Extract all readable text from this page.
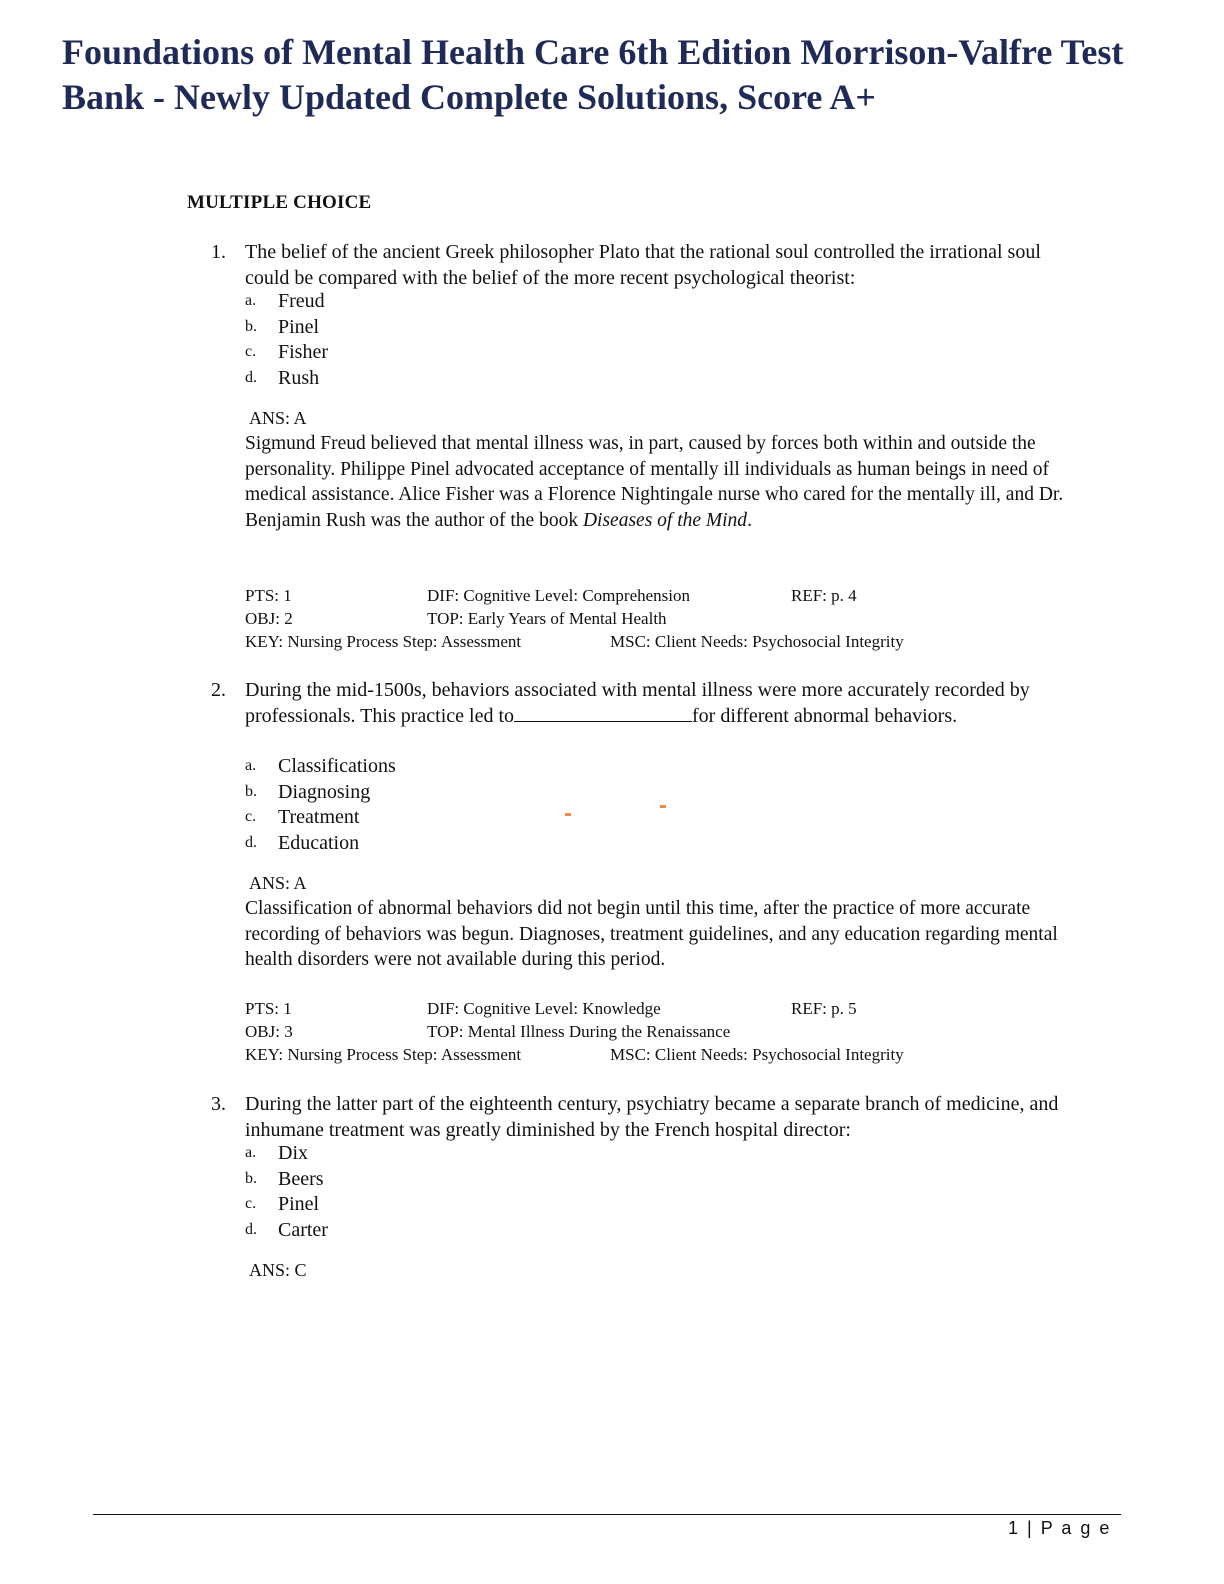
Foundations of Mental Health Care 6th Edition Morrison-Valfre Test Bank - Newly Updated Complete Solutions, Score A+
MULTIPLE CHOICE
1. The belief of the ancient Greek philosopher Plato that the rational soul controlled the irrational soul could be compared with the belief of the more recent psychological theorist:
a. Freud
b. Pinel
c. Fisher
d. Rush
ANS: A
Sigmund Freud believed that mental illness was, in part, caused by forces both within and outside the personality. Philippe Pinel advocated acceptance of mentally ill individuals as human beings in need of medical assistance. Alice Fisher was a Florence Nightingale nurse who cared for the mentally ill, and Dr. Benjamin Rush was the author of the book Diseases of the Mind.
PTS: 1	DIF: Cognitive Level: Comprehension	REF: p. 4
OBJ: 2	TOP: Early Years of Mental Health
KEY: Nursing Process Step: Assessment	MSC: Client Needs: Psychosocial Integrity
2. During the mid-1500s, behaviors associated with mental illness were more accurately recorded by professionals. This practice led to	for different abnormal behaviors.
a. Classifications
b. Diagnosing
c. Treatment
d. Education
ANS: A
Classification of abnormal behaviors did not begin until this time, after the practice of more accurate recording of behaviors was begun. Diagnoses, treatment guidelines, and any education regarding mental health disorders were not available during this period.
PTS: 1	DIF: Cognitive Level: Knowledge	REF: p. 5
OBJ: 3	TOP: Mental Illness During the Renaissance
KEY: Nursing Process Step: Assessment	MSC: Client Needs: Psychosocial Integrity
3. During the latter part of the eighteenth century, psychiatry became a separate branch of medicine, and inhumane treatment was greatly diminished by the French hospital director:
a. Dix
b. Beers
c. Pinel
d. Carter
ANS: C
1 | P a g e
